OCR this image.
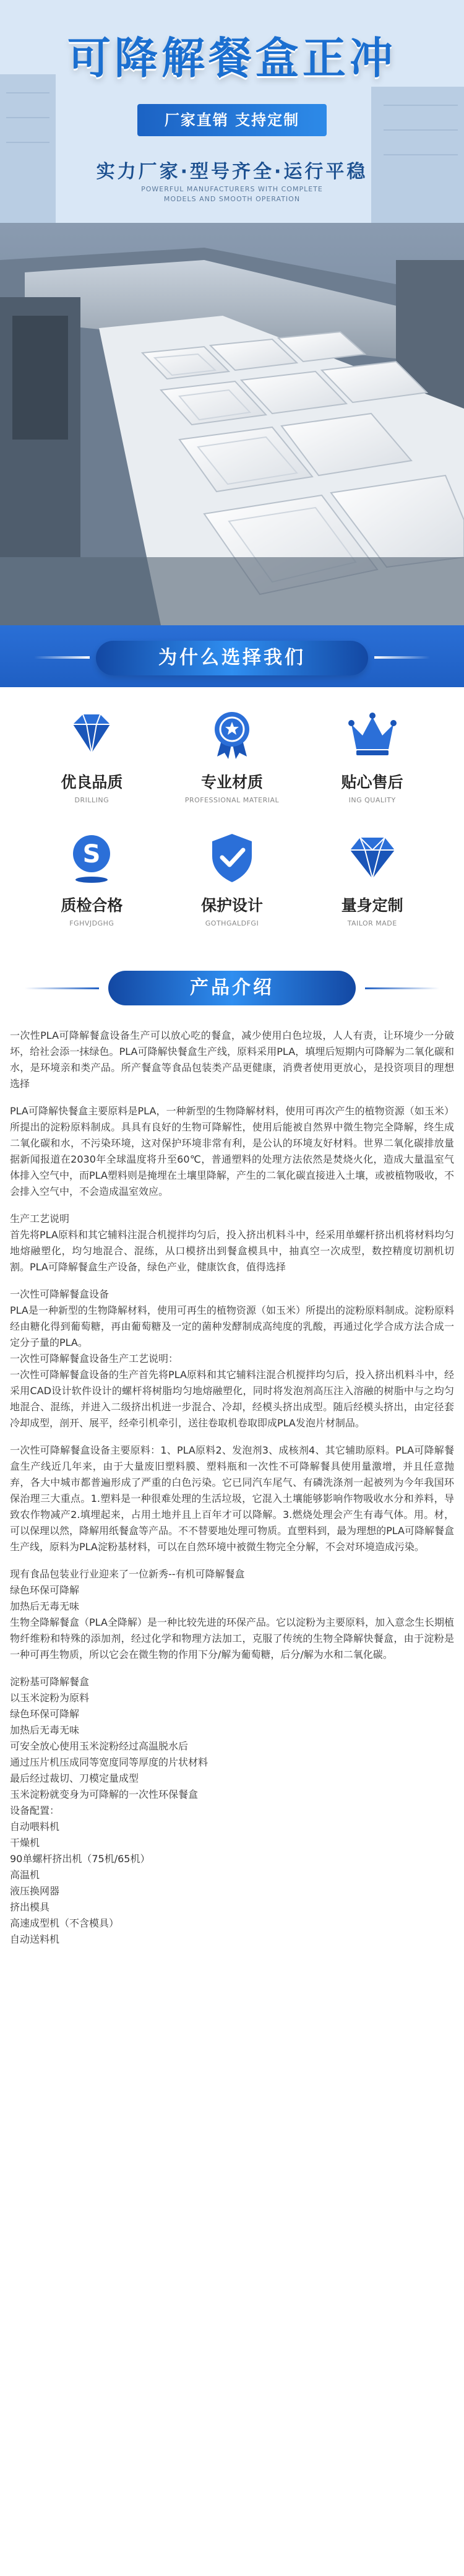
可降解餐盒正冲
厂家直销 支持定制
实力厂家·型号齐全·运行平稳
POWERFUL MANUFACTURERS WITH COMPLETE
MODELS AND SMOOTH OPERATION
为什么选择我们
优良品质
DRILLING
专业材质
PROFESSIONAL MATERIAL
贴心售后
ING QUALITY
S
质检合格
FGHVJDGHG
保护设计
GOTHGALDFGI
量身定制
TAILOR MADE
产品介绍

一次性PLA可降解餐盒设备生产可以放心吃的餐盒，减少使用白色垃圾，人人有责，让环境少一分破坏，给社会添一抹绿色。PLA可降解快餐盒生产线，原料采用PLA，填埋后短期内可降解为二氧化碳和水，是环境亲和类产品。所产餐盒等食品包装类产品更健康，消费者使用更放心，是投资项目的理想选择

PLA可降解快餐盒主要原料是PLA，一种新型的生物降解材料，使用可再次产生的植物资源（如玉米）所提出的淀粉原料制成。具具有良好的生物可降解性，使用后能被自然界中微生物完全降解，终生成二氧化碳和水，不污染环境，这对保护环境非常有利，是公认的环境友好材料。世界二氧化碳排放量据新闻报道在2030年全球温度将升至60℃，普通塑料的处理方法依然是焚烧火化，造成大量温室气体排入空气中，而PLA塑料则是掩埋在土壤里降解，产生的二氧化碳直接进入土壤，或被植物吸收，不会排入空气中，不会造成温室效应。

生产工艺说明

首先将PLA原料和其它辅料注混合机搅拌均匀后，投入挤出机料斗中，经采用单螺杆挤出机将材料均匀地熔融塑化，均匀地混合、混练，从口模挤出到餐盒模具中，抽真空一次成型，数控精度切割机切割。PLA可降解餐盒生产设备，绿色产业，健康饮食，值得选择

一次性可降解餐盒设备

PLA是一种新型的生物降解材料，使用可再生的植物资源（如玉米）所提出的淀粉原料制成。淀粉原料经由糖化得到葡萄糖，再由葡萄糖及一定的菌种发酵制成高纯度的乳酸，再通过化学合成方法合成一定分子量的PLA。

一次性可降解餐盒设备生产工艺说明：

一次性可降解餐盒设备的生产首先将PLA原料和其它辅料注混合机搅拌均匀后，投入挤出机料斗中，经采用CAD设计软件设计的螺杆将树脂均匀地熔融塑化，同时将发泡剂高压注入溶融的树脂中与之均匀地混合、混练，并进入二级挤出机进一步混合、冷却，经模头挤出成型。随后经模头挤出，由定径套冷却成型，剖开、展平，经牵引机牵引，送往卷取机卷取即成PLA发泡片材制品。

一次性可降解餐盒设备主要原料：1、PLA原料2、发泡剂3、成核剂4、其它辅助原料。PLA可降解餐盒生产线近几年来，由于大量废旧塑料膜、塑料瓶和一次性不可降解餐具使用量激增，并且任意抛弃，各大中城市都普遍形成了严重的白色污染。它已同汽车尾气、有磷洗涤剂一起被列为今年我国环保治理三大重点。1.塑料是一种很难处理的生活垃圾，它混入土壤能够影响作物吸收水分和养料，导致农作物减产2.填埋起来，占用土地并且上百年才可以降解。3.燃烧处理会产生有毒气体。用。材，可以保理以然，降解用纸餐盒等产品。不不替要地处理可物质。直塑料到，最为理想的PLA可降解餐盒生产线，原料为PLA淀粉基材料，可以在自然环境中被微生物完全分解，不会对环境造成污染。

现有食品包装业行业迎来了一位新秀--有机可降解餐盒

绿色环保可降解

加热后无毒无味

生物全降解餐盒（PLA全降解）是一种比较先进的环保产品。它以淀粉为主要原料，加入意念生长期植物纤维粉和特殊的添加剂，经过化学和物理方法加工，克服了传统的生物全降解快餐盒，由于淀粉是一种可再生物质，所以它会在微生物的作用下分/解为葡萄糖，后分/解为水和二氧化碳。

淀粉基可降解餐盒

以玉米淀粉为原料

绿色环保可降解

加热后无毒无味

可安全放心使用玉米淀粉经过高温脱水后

通过压片机压成同等宽度同等厚度的片状材料

最后经过裁切、刀模定量成型

玉米淀粉就变身为可降解的一次性环保餐盒

设备配置：

自动喂料机

干燥机

90单螺杆挤出机（75机/65机）

高温机

液压换网器

挤出模具

高速成型机（不含模具）

自动送料机
